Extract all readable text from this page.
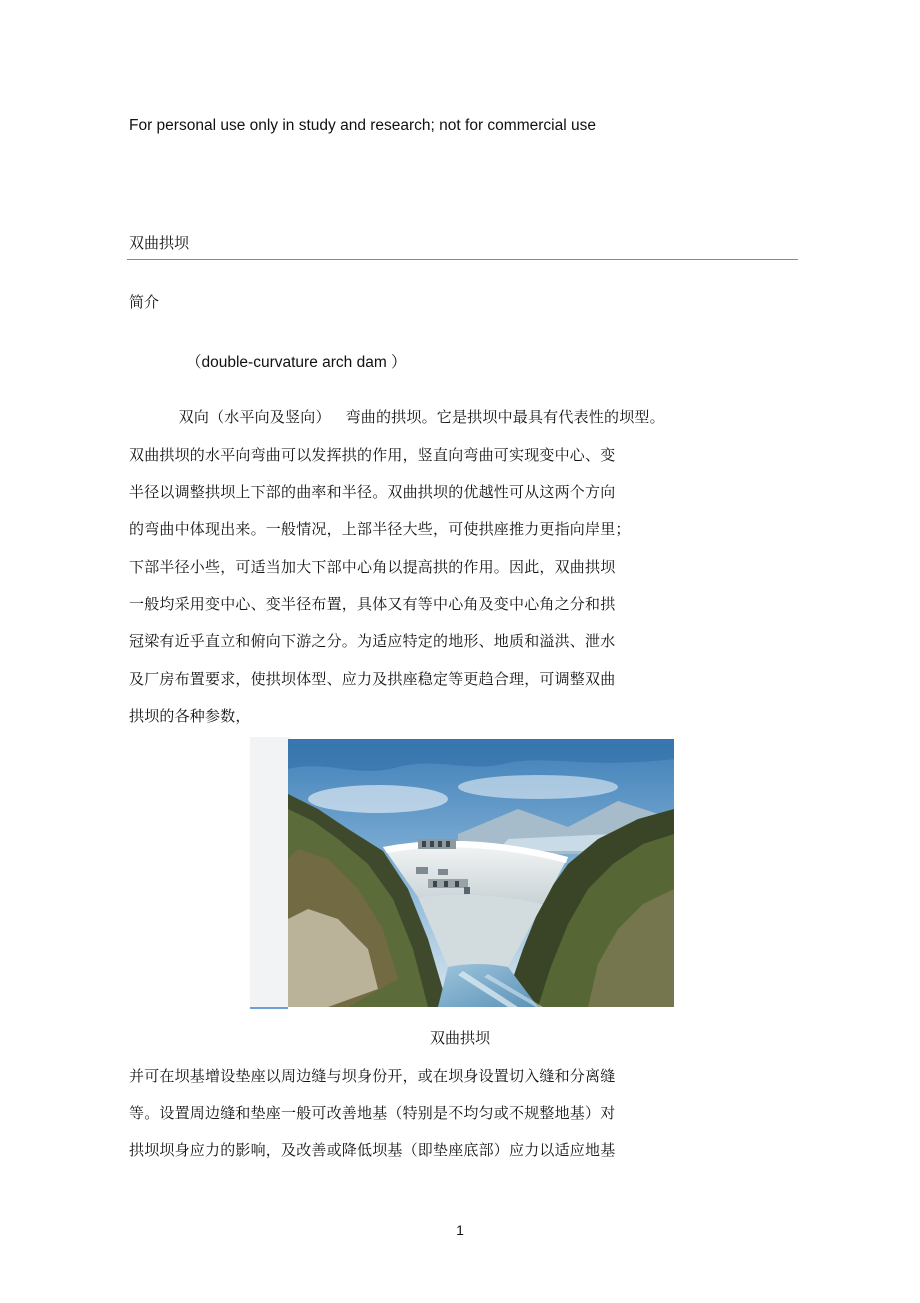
For personal use only in study and research; not for commercial use
双曲拱坝
简介
（double-curvature arch dam ）
双向（水平向及竖向）   弯曲的拱坝。它是拱坝中最具有代表性的坝型。
双曲拱坝的水平向弯曲可以发挥拱的作用，竖直向弯曲可实现变中心、变
半径以调整拱坝上下部的曲率和半径。双曲拱坝的优越性可从这两个方向
的弯曲中体现出来。一般情况，上部半径大些，可使拱座推力更指向岸里；
下部半径小些，可适当加大下部中心角以提高拱的作用。因此，双曲拱坝
一般均采用变中心、变半径布置，具体又有等中心角及变中心角之分和拱
冠梁有近乎直立和俯向下游之分。为适应特定的地形、地质和溢洪、泄水
及厂房布置要求，使拱坝体型、应力及拱座稳定等更趋合理，可调整双曲
拱坝的各种参数，
双曲拱坝
并可在坝基增设垫座以周边缝与坝身份开，或在坝身设置切入缝和分离缝
等。设置周边缝和垫座一般可改善地基（特别是不均匀或不规整地基）对
拱坝坝身应力的影响，及改善或降低坝基（即垫座底部）应力以适应地基
1
